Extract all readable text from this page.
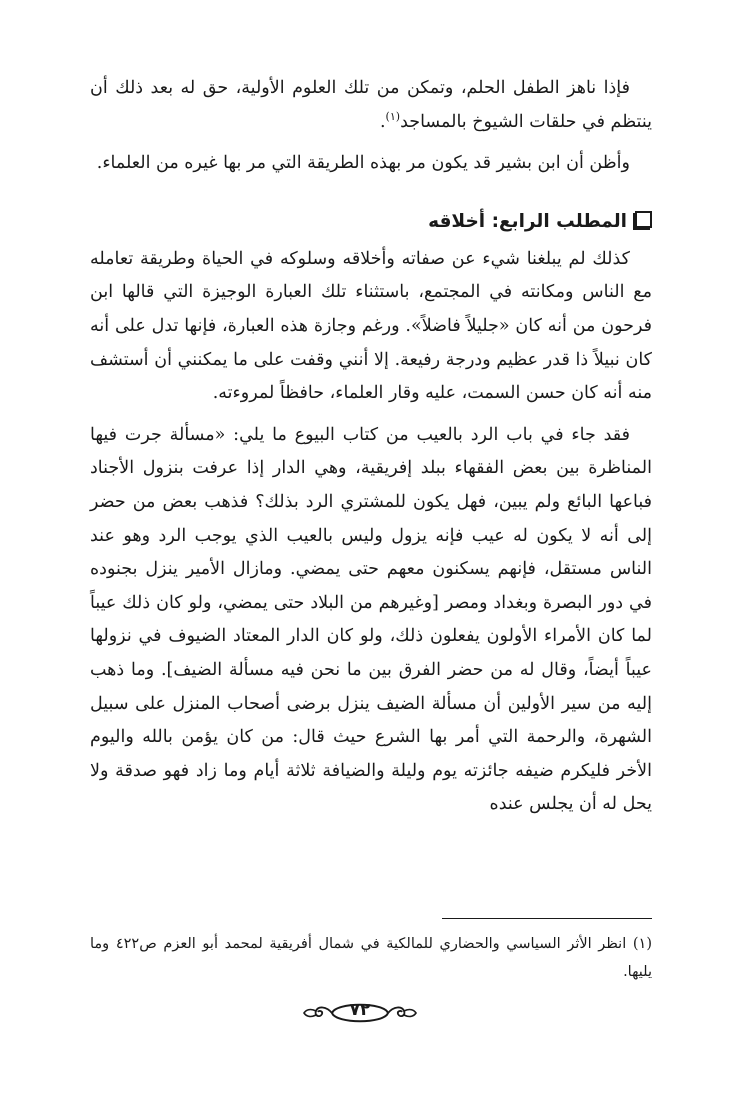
فإذا ناهز الطفل الحلم، وتمكن من تلك العلوم الأولية، حق له بعد ذلك أن ينتظم في حلقات الشيوخ بالمساجد$^{(١)}$.

وأظن أن ابن بشير قد يكون مر بهذه الطريقة التي مر بها غيره من العلماء.

المطلب الرابع: أخلاقه

كذلك لم يبلغنا شيء عن صفاته وأخلاقه وسلوكه في الحياة وطريقة تعامله مع الناس ومكانته في المجتمع، باستثناء تلك العبارة الوجيزة التي قالها ابن فرحون من أنه كان «جليلاً فاضلاً». ورغم وجازة هذه العبارة، فإنها تدل على أنه كان نبيلاً ذا قدر عظيم ودرجة رفيعة. إلا أنني وقفت على ما يمكنني أن أستشف منه أنه كان حسن السمت، عليه وقار العلماء، حافظاً لمروءته.

فقد جاء في باب الرد بالعيب من كتاب البيوع ما يلي: «مسألة جرت فيها المناظرة بين بعض الفقهاء ببلد إفريقية، وهي الدار إذا عرفت بنزول الأجناد فباعها البائع ولم يبين، فهل يكون للمشتري الرد بذلك؟ فذهب بعض من حضر إلى أنه لا يكون له عيب فإنه يزول وليس بالعيب الذي يوجب الرد وهو عند الناس مستقل، فإنهم يسكنون معهم حتى يمضي. ومازال الأمير ينزل بجنوده في دور البصرة وبغداد ومصر [وغيرهم من البلاد حتى يمضي، ولو كان ذلك عيباً لما كان الأمراء الأولون يفعلون ذلك، ولو كان الدار المعتاد الضيوف في نزولها عيباً أيضاً، وقال له من حضر الفرق بين ما نحن فيه مسألة الضيف]. وما ذهب إليه من سير الأولين أن مسألة الضيف ينزل برضى أصحاب المنزل على سبيل الشهرة، والرحمة التي أمر بها الشرع حيث قال: من كان يؤمن بالله واليوم الأخر فليكرم ضيفه جائزته يوم وليلة والضيافة ثلاثة أيام وما زاد فهو صدقة ولا يحل له أن يجلس عنده

(١) انظر الأثر السياسي والحضاري للمالكية في شمال أفريقية لمحمد أبو العزم ص٤٢٢ وما يليها.

٧٢
